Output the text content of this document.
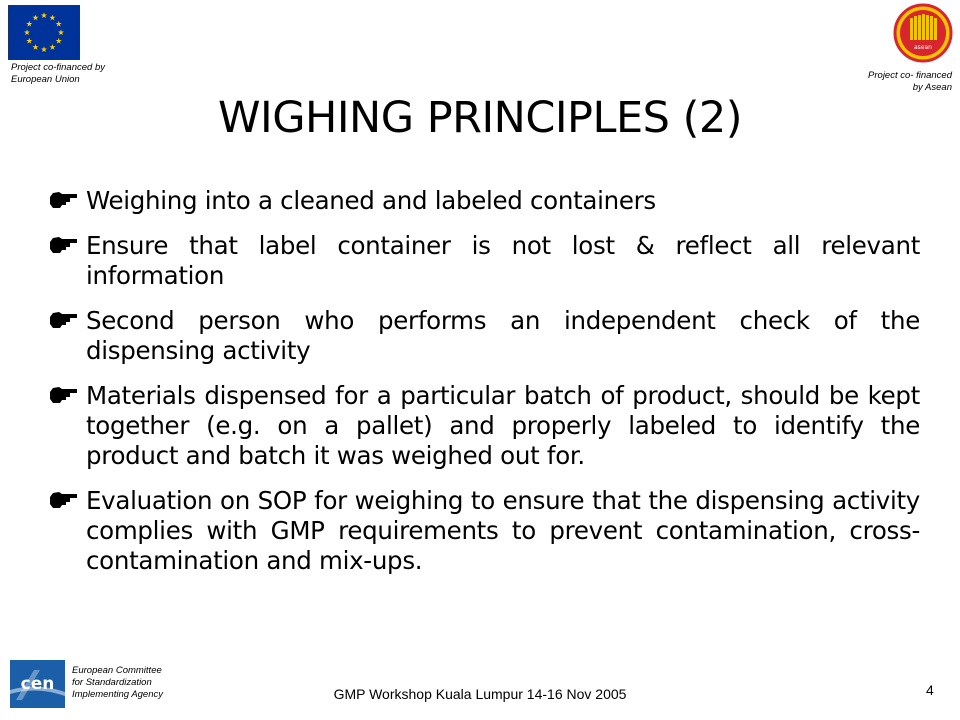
Project co-financed by
European Union
asean
Project co- financed
by Asean
WIGHING PRINCIPLES (2)
Weighing into a cleaned and labeled containers
Ensure that label container is not lost & reflect all relevant information
Second person who performs an independent check of the dispensing activity
Materials dispensed for a particular batch of product, should be kept together (e.g. on a pallet) and properly labeled to identify the product and batch it was weighed out for.
Evaluation on SOP for weighing to ensure that the dispensing activity complies with GMP requirements to prevent contamination, cross-contamination and mix-ups.
cen
European Committee
for Standardization
Implementing Agency	GMP Workshop Kuala Lumpur 14-16 Nov 2005	4
